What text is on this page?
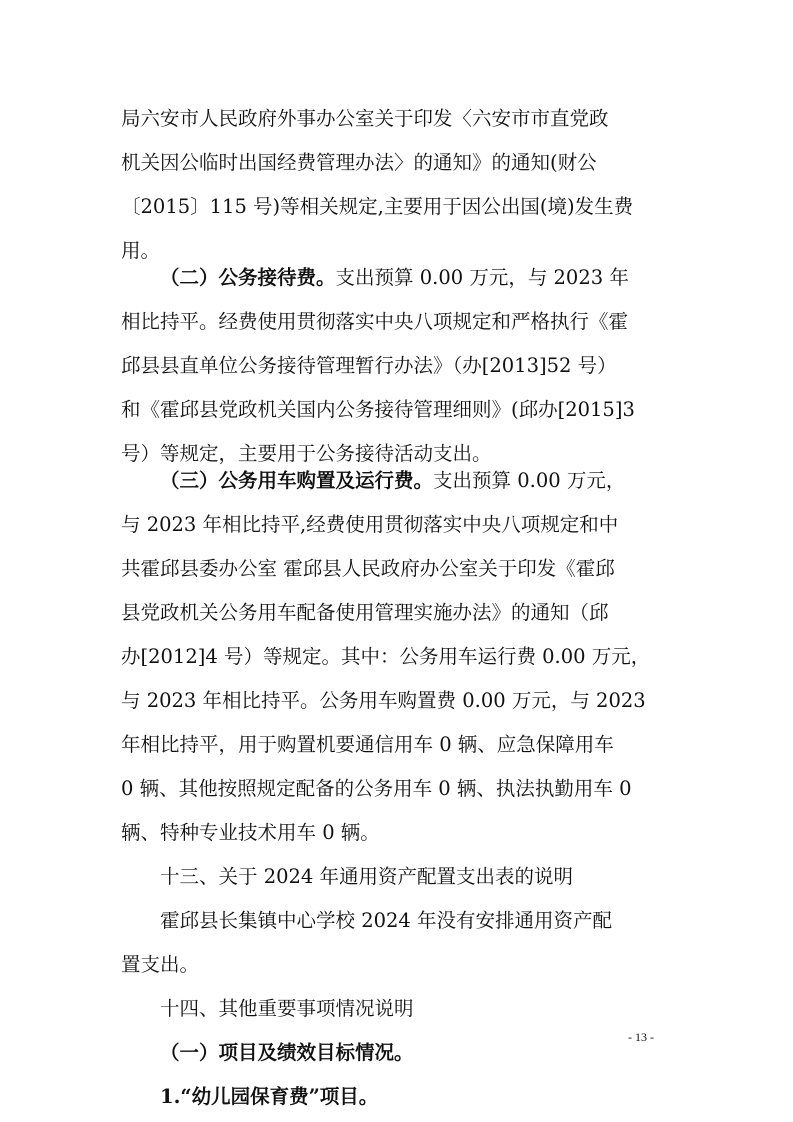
局六安市人民政府外事办公室关于印发〈六安市市直党政
机关因公临时出国经费管理办法〉的通知》的通知(财公
〔2015〕115 号)等相关规定,主要用于因公出国(境)发生费
用。
（二）公务接待费。支出预算 0.00 万元，与 2023 年
相比持平。经费使用贯彻落实中央八项规定和严格执行《霍
邱县县直单位公务接待管理暂行办法》（办[2013]52 号）
和《霍邱县党政机关国内公务接待管理细则》(邱办[2015]3
号）等规定，主要用于公务接待活动支出。
（三）公务用车购置及运行费。支出预算 0.00 万元，
与 2023 年相比持平,经费使用贯彻落实中央八项规定和中
共霍邱县委办公室 霍邱县人民政府办公室关于印发《霍邱
县党政机关公务用车配备使用管理实施办法》的通知（邱
办[2012]4 号）等规定。其中：公务用车运行费 0.00 万元，
与 2023 年相比持平。公务用车购置费 0.00 万元，与 2023
年相比持平，用于购置机要通信用车 0 辆、应急保障用车
0 辆、其他按照规定配备的公务用车 0 辆、执法执勤用车 0
辆、特种专业技术用车 0 辆。
十三、关于 2024 年通用资产配置支出表的说明
霍邱县长集镇中心学校 2024 年没有安排通用资产配
置支出。
十四、其他重要事项情况说明
（一）项目及绩效目标情况。
1.“幼儿园保育费”项目。
- 13 -
